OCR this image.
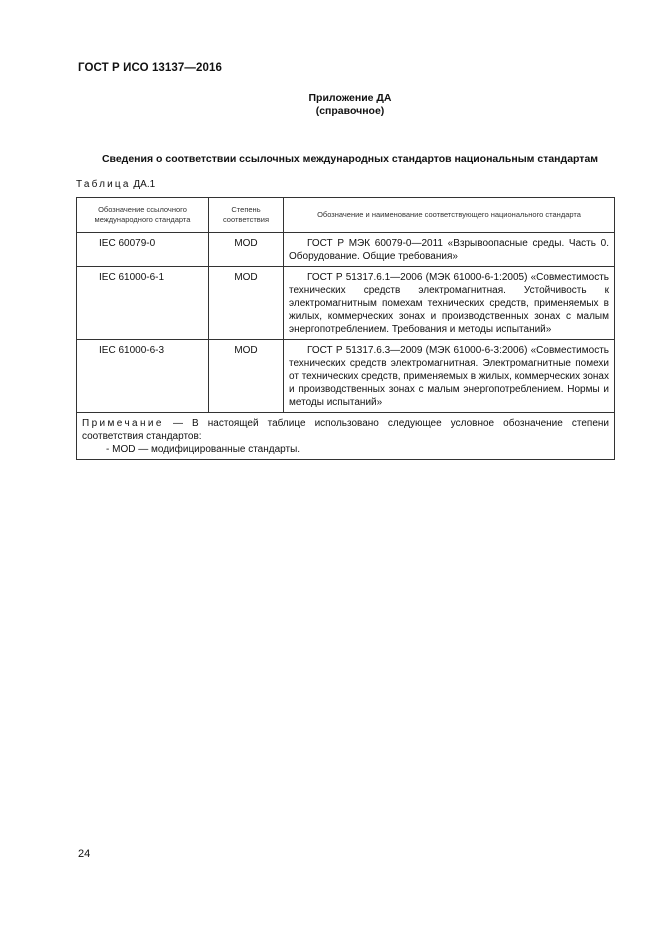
ГОСТ Р ИСО 13137—2016
Приложение ДА
(справочное)
Сведения о соответствии ссылочных международных стандартов национальным стандартам
Таблица ДА.1
Обозначение ссылочного международного стандарта	Степень соответствия	Обозначение и наименование соответствующего национального стандарта
IEC 60079-0	MOD	ГОСТ Р МЭК 60079-0—2011 «Взрывоопасные среды. Часть 0. Оборудование. Общие требования»
IEC 61000-6-1	MOD	ГОСТ Р 51317.6.1—2006 (МЭК 61000-6-1:2005) «Совместимость технических средств электромагнитная. Устойчивость к электромагнитным помехам технических средств, применяемых в жилых, коммерческих зонах и производственных зонах с малым энергопотреблением. Требования и методы испытаний»
IEC 61000-6-3	MOD	ГОСТ Р 51317.6.3—2009 (МЭК 61000-6-3:2006) «Совместимость технических средств электромагнитная. Электромагнитные помехи от технических средств, применяемых в жилых, коммерческих зонах и производственных зонах с малым энергопотреблением. Нормы и методы испытаний»
Примечание — В настоящей таблице использовано следующее условное обозначение степени соответствия стандартов:
- MOD — модифицированные стандарты.		
24
